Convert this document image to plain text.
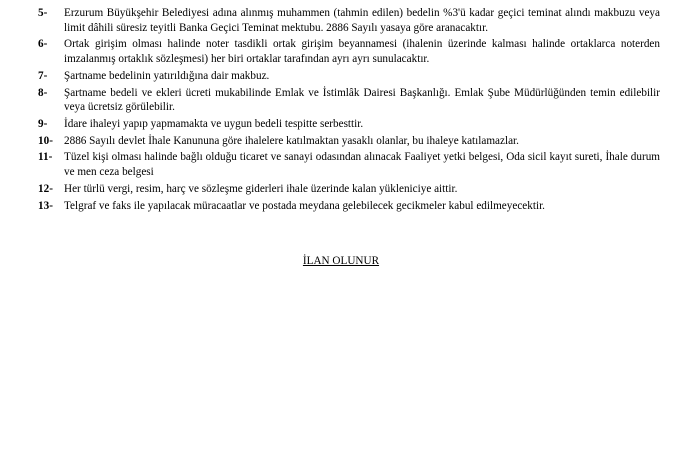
5-	Erzurum Büyükşehir Belediyesi adına alınmış muhammen (tahmin edilen) bedelin %3'ü kadar geçici teminat alındı makbuzu veya limit dâhili süresiz teyitli Banka Geçici Teminat mektubu. 2886 Sayılı yasaya göre aranacaktır.
6-	Ortak girişim olması halinde noter tasdikli ortak girişim beyannamesi (ihalenin üzerinde kalması halinde ortaklarca noterden imzalanmış ortaklık sözleşmesi) her biri ortaklar tarafından ayrı ayrı sunulacaktır.
7-	Şartname bedelinin yatırıldığına dair makbuz.
8-	Şartname bedeli ve ekleri ücreti mukabilinde Emlak ve İstimlâk Dairesi Başkanlığı. Emlak Şube Müdürlüğünden temin edilebilir veya ücretsiz görülebilir.
9-	İdare ihaleyi yapıp yapmamakta ve uygun bedeli tespitte serbesttir.
10- 2886 Sayılı devlet İhale Kanununa göre ihalelere katılmaktan yasaklı olanlar, bu ihaleye katılamazlar.
11-	Tüzel kişi olması halinde bağlı olduğu ticaret ve sanayi odasından alınacak Faaliyet yetki belgesi, Oda sicil kayıt sureti, İhale durum ve men ceza belgesi
12- Her türlü vergi, resim, harç ve sözleşme giderleri ihale üzerinde kalan yükleniciye aittir.
13- Telgraf ve faks ile yapılacak müracaatlar ve postada meydana gelebilecek gecikmeler kabul edilmeyecektir.
İLAN OLUNUR
